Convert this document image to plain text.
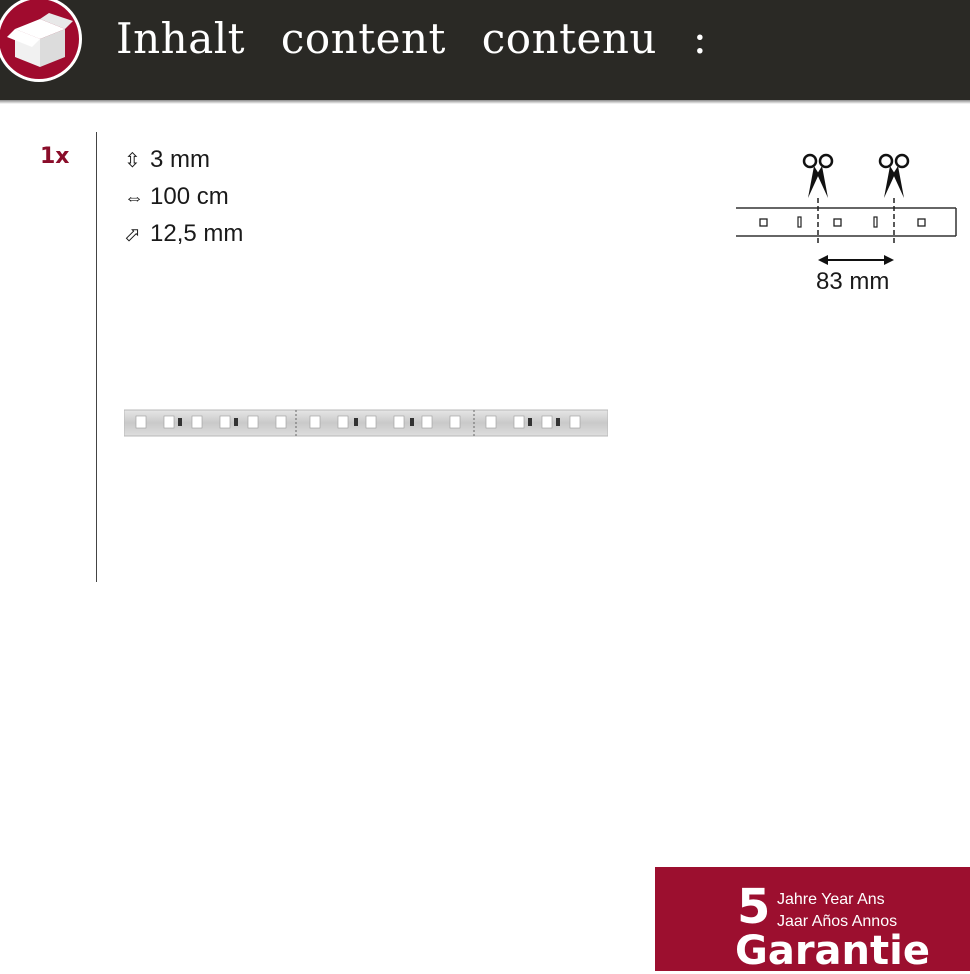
Inhalt content contenu :
1x	⇳ 3 mm
⇔ 100 cm
⬀ 12,5 mm
83 mm
5 Jahre Year Ans
Jaar Años Annos
Garantie
